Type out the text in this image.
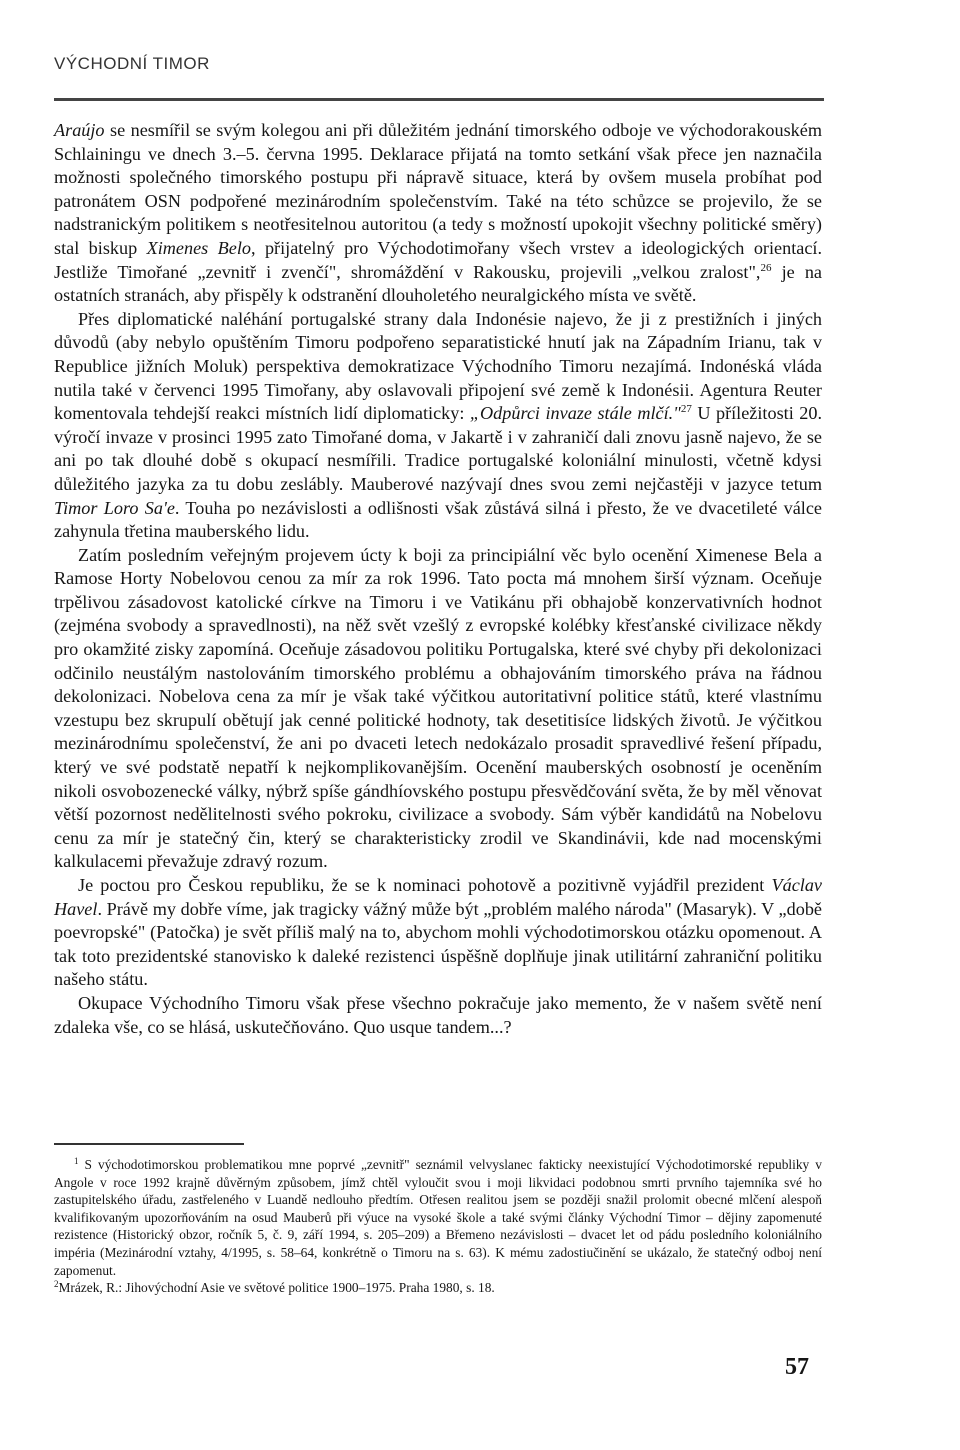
VÝCHODNÍ TIMOR

Araújo se nesmířil se svým kolegou ani při důležitém jednání timorského odboje ve východorakouském Schlainingu ve dnech 3.–5. června 1995. Deklarace přijatá na tomto setkání však přece jen naznačila možnosti společného timorského postupu při nápravě situace, která by ovšem musela probíhat pod patronátem OSN podpořené mezinárodním společenstvím. Také na této schůzce se projevilo, že se nadstranickým politikem s neotřesitelnou autoritou (a tedy s možností upokojit všechny politické směry) stal biskup Ximenes Belo, přijatelný pro Východotimořany všech vrstev a ideologických orientací. Jestliže Timořané „zevnitř i zvenčí", shromáždění v Rakousku, projevili „velkou zralost",$^{26}$ je na ostatních stranách, aby přispěly k odstranění dlouholetého neuralgického místa ve světě.

Přes diplomatické naléhání portugalské strany dala Indonésie najevo, že ji z prestižních i jiných důvodů (aby nebylo opuštěním Timoru podpořeno separatistické hnutí jak na Západním Irianu, tak v Republice jižních Moluk) perspektiva demokratizace Východního Timoru nezajímá. Indonéská vláda nutila také v červenci 1995 Timořany, aby oslavovali připojení své země k Indonésii. Agentura Reuter komentovala tehdejší reakci místních lidí diplomaticky: „Odpůrci invaze stále mlčí."$^{27}$ U příležitosti 20. výročí invaze v prosinci 1995 zato Timořané doma, v Jakartě i v zahraničí dali znovu jasně najevo, že se ani po tak dlouhé době s okupací nesmířili. Tradice portugalské koloniální minulosti, včetně kdysi důležitého jazyka za tu dobu zeslábly. Mauberové nazývají dnes svou zemi nejčastěji v jazyce tetum Timor Loro Sa'e. Touha po nezávislosti a odlišnosti však zůstává silná i přesto, že ve dvacetileté válce zahynula třetina mauberského lidu.

Zatím posledním veřejným projevem úcty k boji za principiální věc bylo ocenění Ximenese Bela a Ramose Horty Nobelovou cenou za mír za rok 1996. Tato pocta má mnohem širší význam. Oceňuje trpělivou zásadovost katolické církve na Timoru i ve Vatikánu při obhajobě konzervativních hodnot (zejména svobody a spravedlnosti), na něž svět vzešlý z evropské kolébky křesťanské civilizace někdy pro okamžité zisky zapomíná. Oceňuje zásadovou politiku Portugalska, které své chyby při dekolonizaci odčinilo neustálým nastolováním timorského problému a obhajováním timorského práva na řádnou dekolonizaci. Nobelova cena za mír je však také výčitkou autoritativní politice států, které vlastnímu vzestupu bez skrupulí obětují jak cenné politické hodnoty, tak desetitisíce lidských životů. Je výčitkou mezinárodnímu společenství, že ani po dvaceti letech nedokázalo prosadit spravedlivé řešení případu, který ve své podstatě nepatří k nejkomplikovanějším. Ocenění mauberských osobností je oceněním nikoli osvobozenecké války, nýbrž spíše gándhíovského postupu přesvědčování světa, že by měl věnovat větší pozornost nedělitelnosti svého pokroku, civilizace a svobody. Sám výběr kandidátů na Nobelovu cenu za mír je statečný čin, který se charakteristicky zrodil ve Skandinávii, kde nad mocenskými kalkulacemi převažuje zdravý rozum.

Je poctou pro Českou republiku, že se k nominaci pohotově a pozitivně vyjádřil prezident Václav Havel. Právě my dobře víme, jak tragicky vážný může být „problém malého národa" (Masaryk). V „době poevropské" (Patočka) je svět příliš malý na to, abychom mohli východotimorskou otázku opomenout. A tak toto prezidentské stanovisko k daleké rezistenci úspěšně doplňuje jinak utilitární zahraniční politiku našeho státu.

Okupace Východního Timoru však přese všechno pokračuje jako memento, že v našem světě není zdaleka vše, co se hlásá, uskutečňováno. Quo usque tandem...?

$^1$ S východotimorskou problematikou mne poprvé „zevnitř" seznámil velvyslanec fakticky neexistující Východotimorské republiky v Angole v roce 1992 krajně důvěrným způsobem, jímž chtěl vyloučit svou i moji likvidaci podobnou smrti prvního tajemníka své ho zastupitelského úřadu, zastřeleného v Luandě nedlouho předtím. Otřesen realitou jsem se později snažil prolomit obecné mlčení alespoň kvalifikovaným upozorňováním na osud Mauberů při výuce na vysoké škole a také svými články Východní Timor – dějiny zapomenuté rezistence (Historický obzor, ročník 5, č. 9, září 1994, s. 205–209) a Břemeno nezávislosti – dvacet let od pádu posledního koloniálního impéria (Mezinárodní vztahy, 4/1995, s. 58–64, konkrétně o Timoru na s. 63). K mému zadostiučinění se ukázalo, že statečný odboj není zapomenut.

$^2$Mrázek, R.: Jihovýchodní Asie ve světové politice 1900–1975. Praha 1980, s. 18.

57
